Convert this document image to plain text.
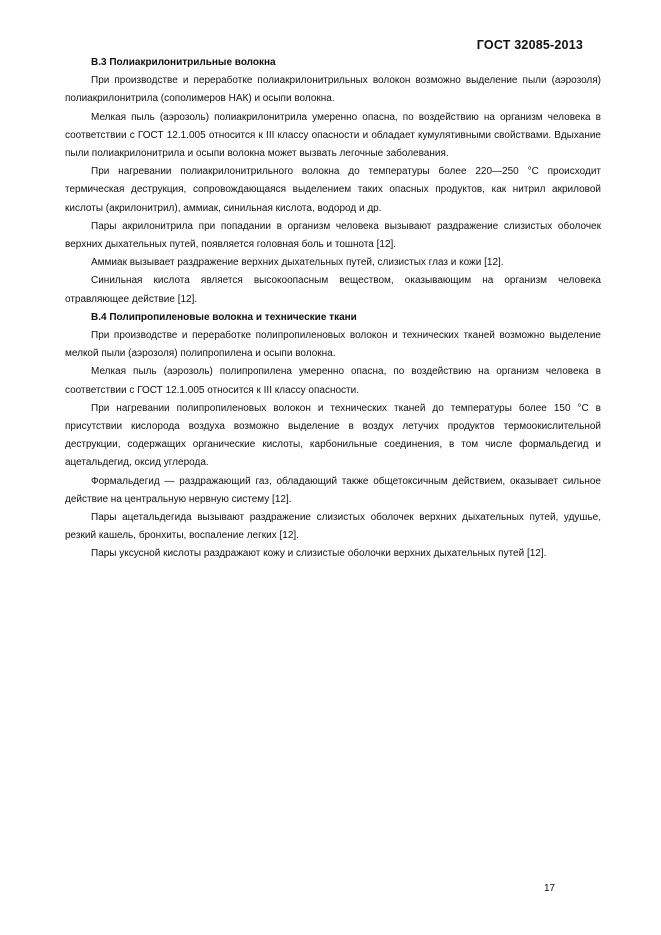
ГОСТ 32085-2013

В.3 Полиакрилонитрильные волокна

При производстве и переработке полиакрилонитрильных волокон возможно выделение пыли (аэрозоля) полиакрилонитрила (сополимеров НАК) и осыпи волокна.

Мелкая пыль (аэрозоль) полиакрилонитрила умеренно опасна, по воздействию на организм человека в соответствии с ГОСТ 12.1.005 относится к III классу опасности и обладает кумулятивными свойствами. Вдыхание пыли полиакрилонитрила и осыпи волокна может вызвать легочные заболевания.

При нагревании полиакрилонитрильного волокна до температуры более 220—250 °С происходит термическая деструкция, сопровождающаяся выделением таких опасных продуктов, как нитрил акриловой кислоты (акрилонитрил), аммиак, синильная кислота, водород и др.

Пары акрилонитрила при попадании в организм человека вызывают раздражение слизистых оболочек верхних дыхательных путей, появляется головная боль и тошнота [12].

Аммиак вызывает раздражение верхних дыхательных путей, слизистых глаз и кожи [12].

Синильная кислота является высокоопасным веществом, оказывающим на организм человека отравляющее действие [12].

В.4 Полипропиленовые волокна и технические ткани

При производстве и переработке полипропиленовых волокон и технических тканей возможно выделение мелкой пыли (аэрозоля) полипропилена и осыпи волокна.

Мелкая пыль (аэрозоль) полипропилена умеренно опасна, по воздействию на организм человека в соответствии с ГОСТ 12.1.005 относится к III классу опасности.

При нагревании полипропиленовых волокон и технических тканей до температуры более 150 °С в присутствии кислорода воздуха возможно выделение в воздух летучих продуктов термоокислительной деструкции, содержащих органические кислоты, карбонильные соединения, в том числе формальдегид и ацетальдегид, оксид углерода.

Формальдегид — раздражающий газ, обладающий также общетоксичным действием, оказывает сильное действие на центральную нервную систему [12].

Пары ацетальдегида вызывают раздражение слизистых оболочек верхних дыхательных путей, удушье, резкий кашель, бронхиты, воспаление легких [12].

Пары уксусной кислоты раздражают кожу и слизистые оболочки верхних дыхательных путей [12].

17
